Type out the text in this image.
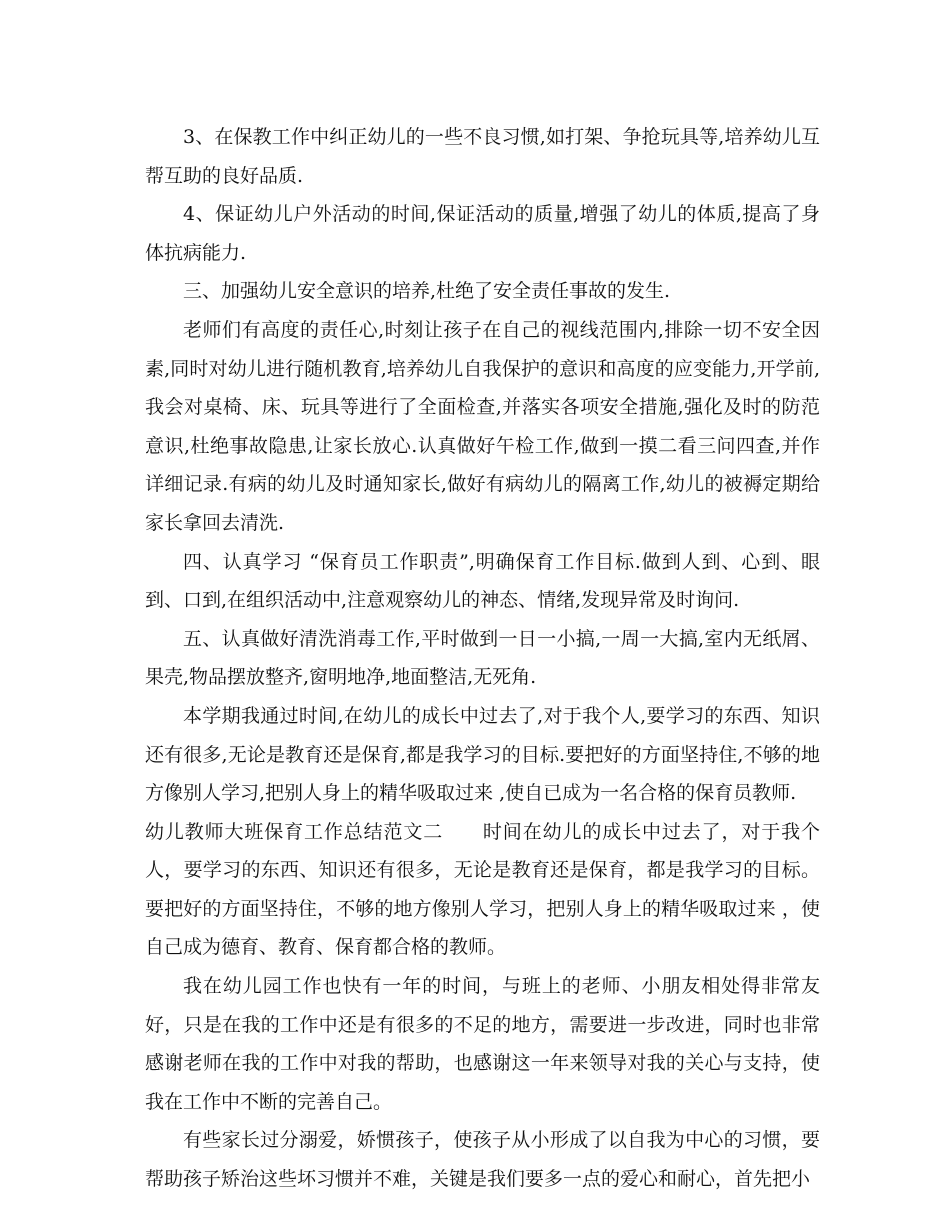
3、在保教工作中纠正幼儿的一些不良习惯,如打架、争抢玩具等,培养幼儿互帮互助的良好品质.

4、保证幼儿户外活动的时间,保证活动的质量,增强了幼儿的体质,提高了身体抗病能力.

三、加强幼儿安全意识的培养,杜绝了安全责任事故的发生.

老师们有高度的责任心,时刻让孩子在自己的视线范围内,排除一切不安全因素,同时对幼儿进行随机教育,培养幼儿自我保护的意识和高度的应变能力,开学前,我会对桌椅、床、玩具等进行了全面检查,并落实各项安全措施,强化及时的防范意识,杜绝事故隐患,让家长放心.认真做好午检工作,做到一摸二看三问四查,并作详细记录.有病的幼儿及时通知家长,做好有病幼儿的隔离工作,幼儿的被褥定期给家长拿回去清洗.

四、认真学习 “保育员工作职责”,明确保育工作目标.做到人到、心到、眼到、口到,在组织活动中,注意观察幼儿的神态、情绪,发现异常及时询问.

五、认真做好清洗消毒工作,平时做到一日一小搞,一周一大搞,室内无纸屑、果壳,物品摆放整齐,窗明地净,地面整洁,无死角.

本学期我通过时间,在幼儿的成长中过去了,对于我个人,要学习的东西、知识还有很多,无论是教育还是保育,都是我学习的目标.要把好的方面坚持住,不够的地方像别人学习,把别人身上的精华吸取过来 ,使自已成为一名合格的保育员教师.

幼儿教师大班保育工作总结范文二　　时间在幼儿的成长中过去了，对于我个人，要学习的东西、知识还有很多，无论是教育还是保育，都是我学习的目标。要把好的方面坚持住，不够的地方像别人学习，把别人身上的精华吸取过来 ，使自己成为德育、教育、保育都合格的教师。

我在幼儿园工作也快有一年的时间，与班上的老师、小朋友相处得非常友好，只是在我的工作中还是有很多的不足的地方，需要进一步改进，同时也非常感谢老师在我的工作中对我的帮助，也感谢这一年来领导对我的关心与支持，使我在工作中不断的完善自己。

有些家长过分溺爱，娇惯孩子，使孩子从小形成了以自我为中心的习惯，要帮助孩子矫治这些坏习惯并不难，关键是我们要多一点的爱心和耐心，首先把小
